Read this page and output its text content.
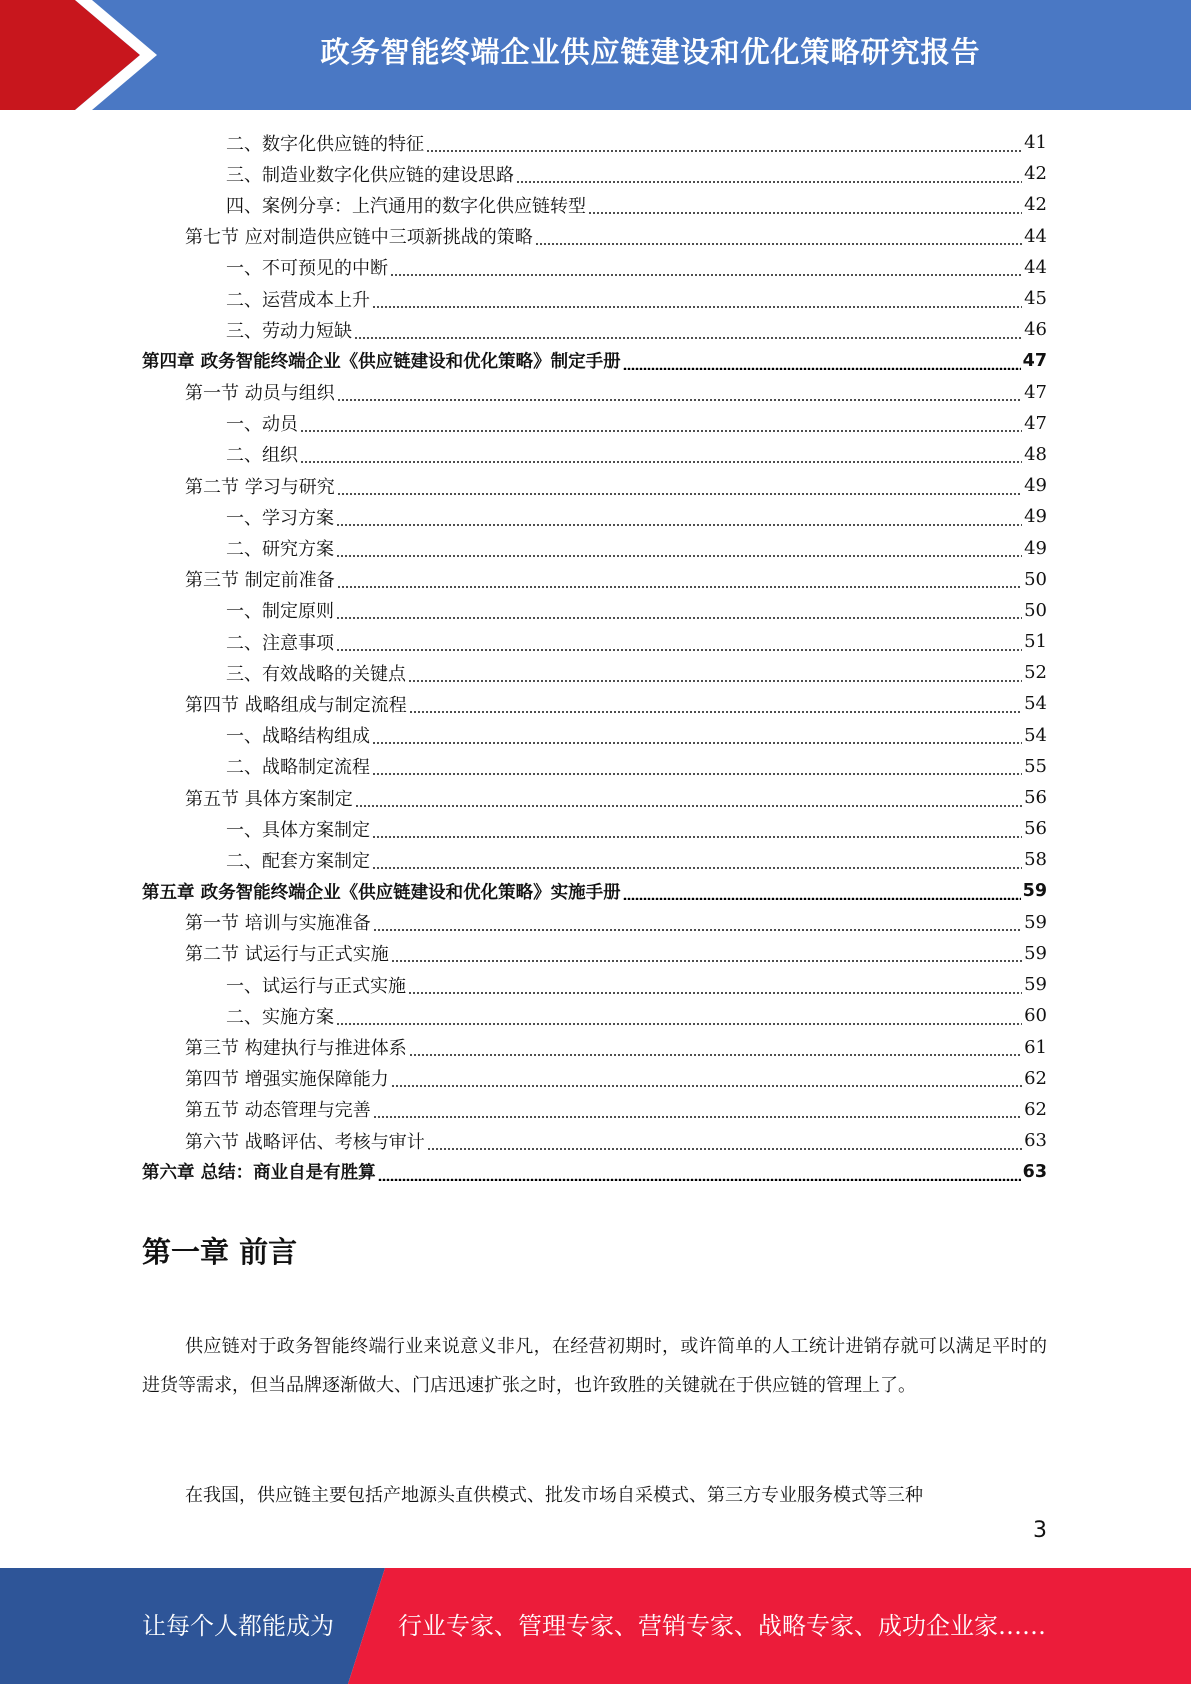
政务智能终端企业供应链建设和优化策略研究报告
二、数字化供应链的特征	41
三、制造业数字化供应链的建设思路	42
四、案例分享：上汽通用的数字化供应链转型	42
第七节 应对制造供应链中三项新挑战的策略	44
一、不可预见的中断	44
二、运营成本上升	45
三、劳动力短缺	46
第四章 政务智能终端企业《供应链建设和优化策略》制定手册	47
第一节 动员与组织	47
一、动员	47
二、组织	48
第二节 学习与研究	49
一、学习方案	49
二、研究方案	49
第三节 制定前准备	50
一、制定原则	50
二、注意事项	51
三、有效战略的关键点	52
第四节 战略组成与制定流程	54
一、战略结构组成	54
二、战略制定流程	55
第五节 具体方案制定	56
一、具体方案制定	56
二、配套方案制定	58
第五章 政务智能终端企业《供应链建设和优化策略》实施手册	59
第一节 培训与实施准备	59
第二节 试运行与正式实施	59
一、试运行与正式实施	59
二、实施方案	60
第三节 构建执行与推进体系	61
第四节 增强实施保障能力	62
第五节 动态管理与完善	62
第六节 战略评估、考核与审计	63
第六章 总结：商业自是有胜算	63
第一章 前言
供应链对于政务智能终端行业来说意义非凡，在经营初期时，或许简单的人工统计进销存就可以满足平时的进货等需求，但当品牌逐渐做大、门店迅速扩张之时，也许致胜的关键就在于供应链的管理上了。
在我国，供应链主要包括产地源头直供模式、批发市场自采模式、第三方专业服务模式等三种
3
让每个人都能成为	行业专家、管理专家、营销专家、战略专家、成功企业家……
